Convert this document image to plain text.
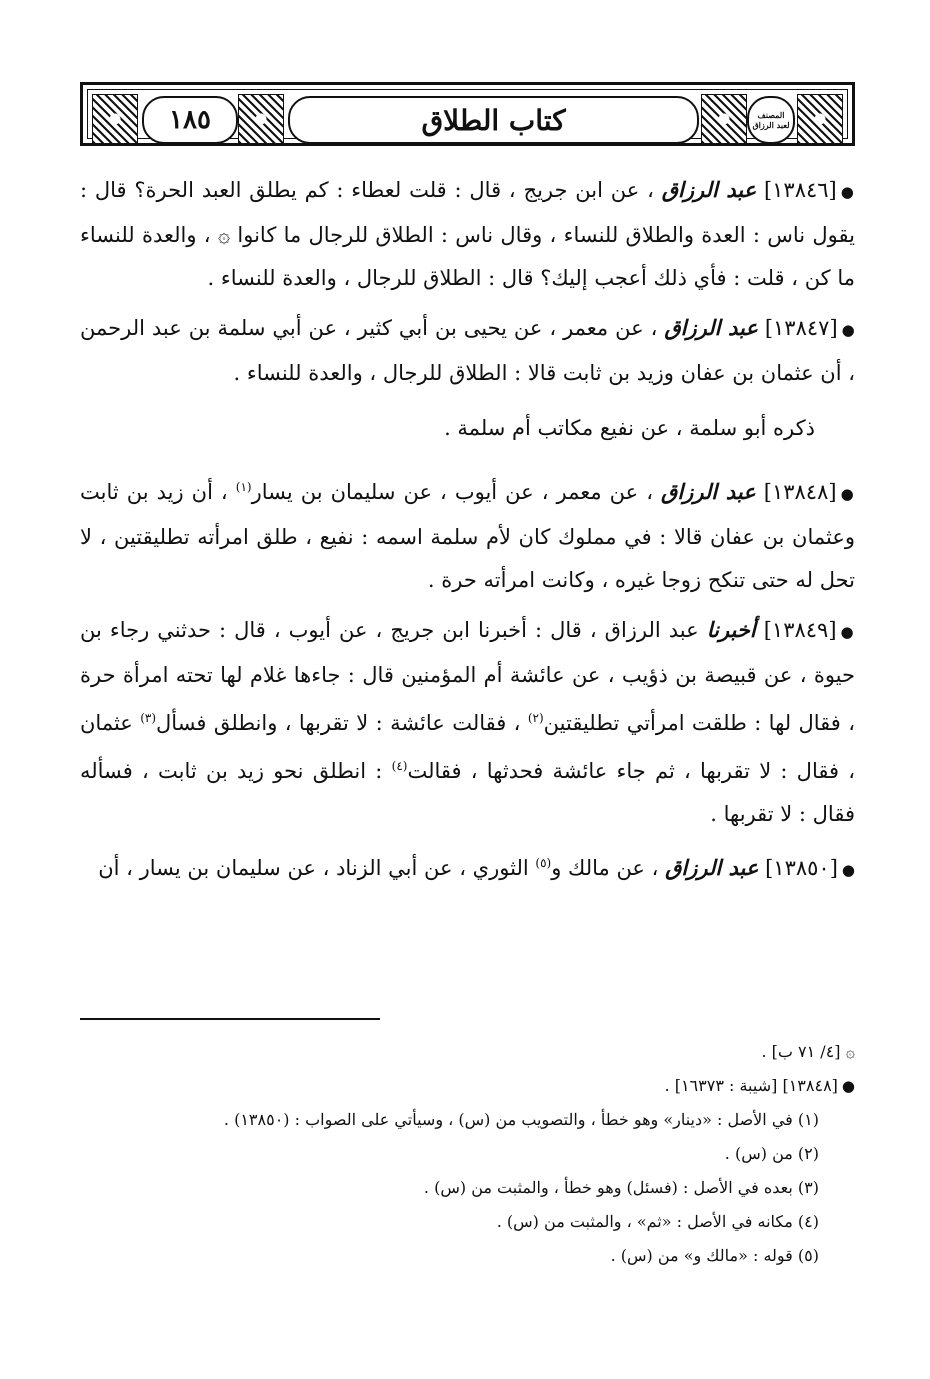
١٨٥	كتاب الطلاق	المصنف
لعبد الرزاق

●[١٣٨٤٦] عبد الرزاق ، عن ابن جريج ، قال : قلت لعطاء : كم يطلق العبد الحرة؟ قال : يقول ناس : العدة والطلاق للنساء ، وقال ناس : الطلاق للرجال ما كانوا ۞ ، والعدة للنساء ما كن ، قلت : فأي ذلك أعجب إليك؟ قال : الطلاق للرجال ، والعدة للنساء .

●[١٣٨٤٧] عبد الرزاق ، عن معمر ، عن يحيى بن أبي كثير ، عن أبي سلمة بن عبد الرحمن ، أن عثمان بن عفان وزيد بن ثابت قالا : الطلاق للرجال ، والعدة للنساء .

ذكره أبو سلمة ، عن نفيع مكاتب أم سلمة .

●[١٣٨٤٨] عبد الرزاق ، عن معمر ، عن أيوب ، عن سليمان بن يسار$^{(١)}$ ، أن زيد بن ثابت وعثمان بن عفان قالا : في مملوك كان لأم سلمة اسمه : نفيع ، طلق امرأته تطليقتين ، لا تحل له حتى تنكح زوجا غيره ، وكانت امرأته حرة .

●[١٣٨٤٩] أخبرنا عبد الرزاق ، قال : أخبرنا ابن جريج ، عن أيوب ، قال : حدثني رجاء بن حيوة ، عن قبيصة بن ذؤيب ، عن عائشة أم المؤمنين قال : جاءها غلام لها تحته امرأة حرة ، فقال لها : طلقت امرأتي تطليقتين$^{(٢)}$ ، فقالت عائشة : لا تقربها ، وانطلق فسأل$^{(٣)}$ عثمان ، فقال : لا تقربها ، ثم جاء عائشة فحدثها ، فقالت$^{(٤)}$ : انطلق نحو زيد بن ثابت ، فسأله فقال : لا تقربها .

●[١٣٨٥٠] عبد الرزاق ، عن مالك و$^{(٥)}$ الثوري ، عن أبي الزناد ، عن سليمان بن يسار ، أن

۞ [٤/ ٧١ ب] .

●[١٣٨٤٨] [شيبة : ١٦٣٧٣] .

(١) في الأصل : «دينار» وهو خطأ ، والتصويب من (س) ، وسيأتي على الصواب : (١٣٨٥٠) .

(٢) من (س) .

(٣) بعده في الأصل : (فسئل) وهو خطأ ، والمثبت من (س) .

(٤) مكانه في الأصل : «ثم» ، والمثبت من (س) .

(٥) قوله : «مالك و» من (س) .
